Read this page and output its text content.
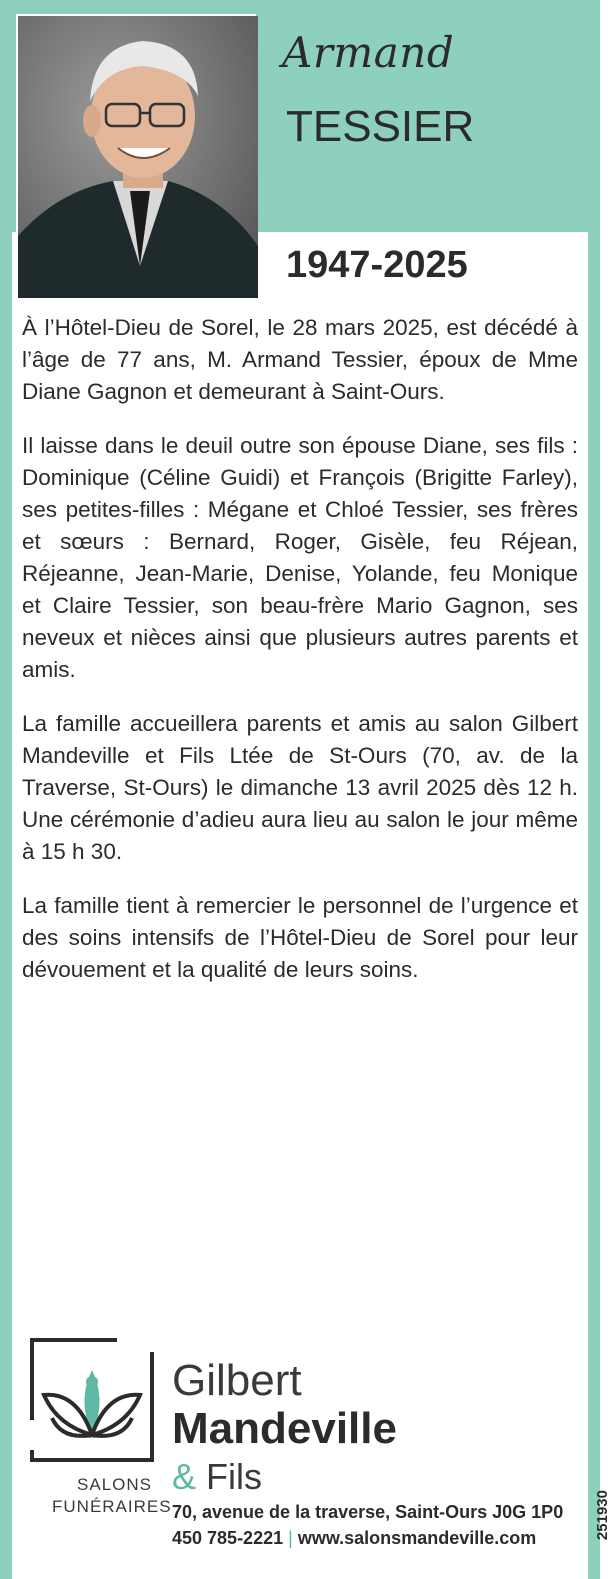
Armand
TESSIER
1947-2025

À l’Hôtel-Dieu de Sorel, le 28 mars 2025, est décédé à l’âge de 77 ans, M. Armand Tessier, époux de Mme Diane Gagnon et demeurant à Saint-Ours.

Il laisse dans le deuil outre son épouse Diane, ses fils : Dominique (Céline Guidi) et François (Brigitte Farley), ses petites-filles : Mégane et Chloé Tessier, ses frères et sœurs : Bernard, Roger, Gisèle, feu Réjean, Réjeanne, Jean-Marie, Denise, Yolande, feu Monique et Claire Tessier, son beau-frère Mario Gagnon, ses neveux et nièces ainsi que plusieurs autres parents et amis.

La famille accueillera parents et amis au salon Gilbert Mandeville et Fils Ltée de St-Ours (70, av. de la Traverse, St-Ours) le dimanche 13 avril 2025 dès 12 h. Une cérémonie d’adieu aura lieu au salon le jour même à 15 h 30.

La famille tient à remercier le personnel de l’urgence et des soins intensifs de l’Hôtel-Dieu de Sorel pour leur dévouement et la qualité de leurs soins.

Gilbert
Mandeville
& Fils
SALONS
FUNÉRAIRES 70, avenue de la traverse, Saint-Ours J0G 1P0
450 785-2221 | www.salonsmandeville.com	251930
